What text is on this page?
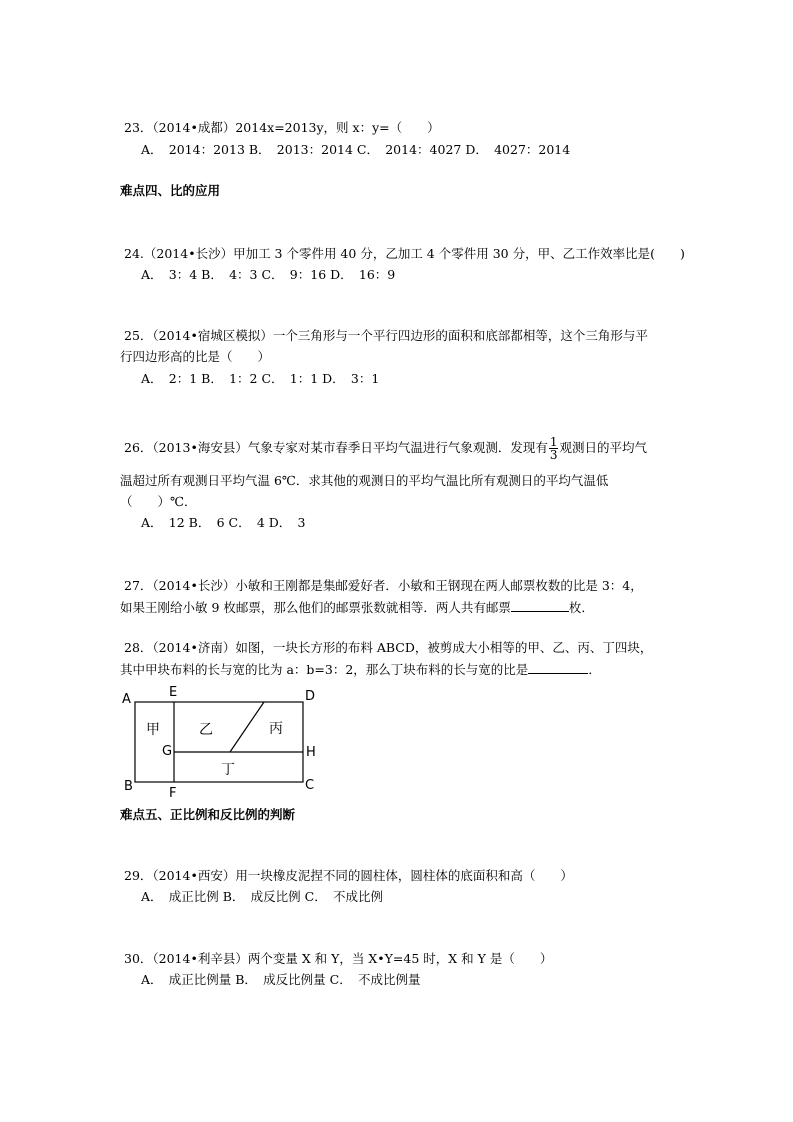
23．（2014•成都）2014x=2013y，则 x：y=（　　）
A．　2014：2013 B．　2013：2014 C．　2014：4027 D．　4027：2014
难点四、比的应用
24.（2014•长沙）甲加工 3 个零件用 40 分，乙加工 4 个零件用 30 分，甲、乙工作效率比是(　　)
A．　3：4 B．　4：3 C．　9：16 D．　16：9
25．（2014•宿城区模拟）一个三角形与一个平行四边形的面积和底部都相等，这个三角形与平
行四边形高的比是（　　）
A．　2：1 B．　1：2 C．　1：1 D．　3：1
26．（2013•海安县）气象专家对某市春季日平均气温进行气象观测．发现有 $\frac{1}{3}$ 观测日的平均气
温超过所有观测日平均气温 6℃．求其他的观测日的平均气温比所有观测日的平均气温低
（　　）℃．
A．　12 B．　6 C．　4 D．　3
27．（2014•长沙）小敏和王刚都是集邮爱好者．小敏和王钢现在两人邮票枚数的比是 3：4，
如果王刚给小敏 9 枚邮票，那么他们的邮票张数就相等．两人共有邮票	枚．
28．（2014•济南）如图，一块长方形的布料 ABCD，被剪成大小相等的甲、乙、丙、丁四块，
其中甲块布料的长与宽的比为 a：b=3：2，那么丁块布料的长与宽的比是	．
A	E	D
G	H
B	F
C
甲	乙	丙
丁
难点五、正比例和反比例的判断
29．（2014•西安）用一块橡皮泥捏不同的圆柱体，圆柱体的底面积和高（　　）
A．　成正比例 B．　成反比例 C．　不成比例
30．（2014•利辛县）两个变量 X 和 Y，当 X•Y=45 时，X 和 Y 是（　　）
A．　成正比例量 B．　成反比例量 C．　不成比例量
